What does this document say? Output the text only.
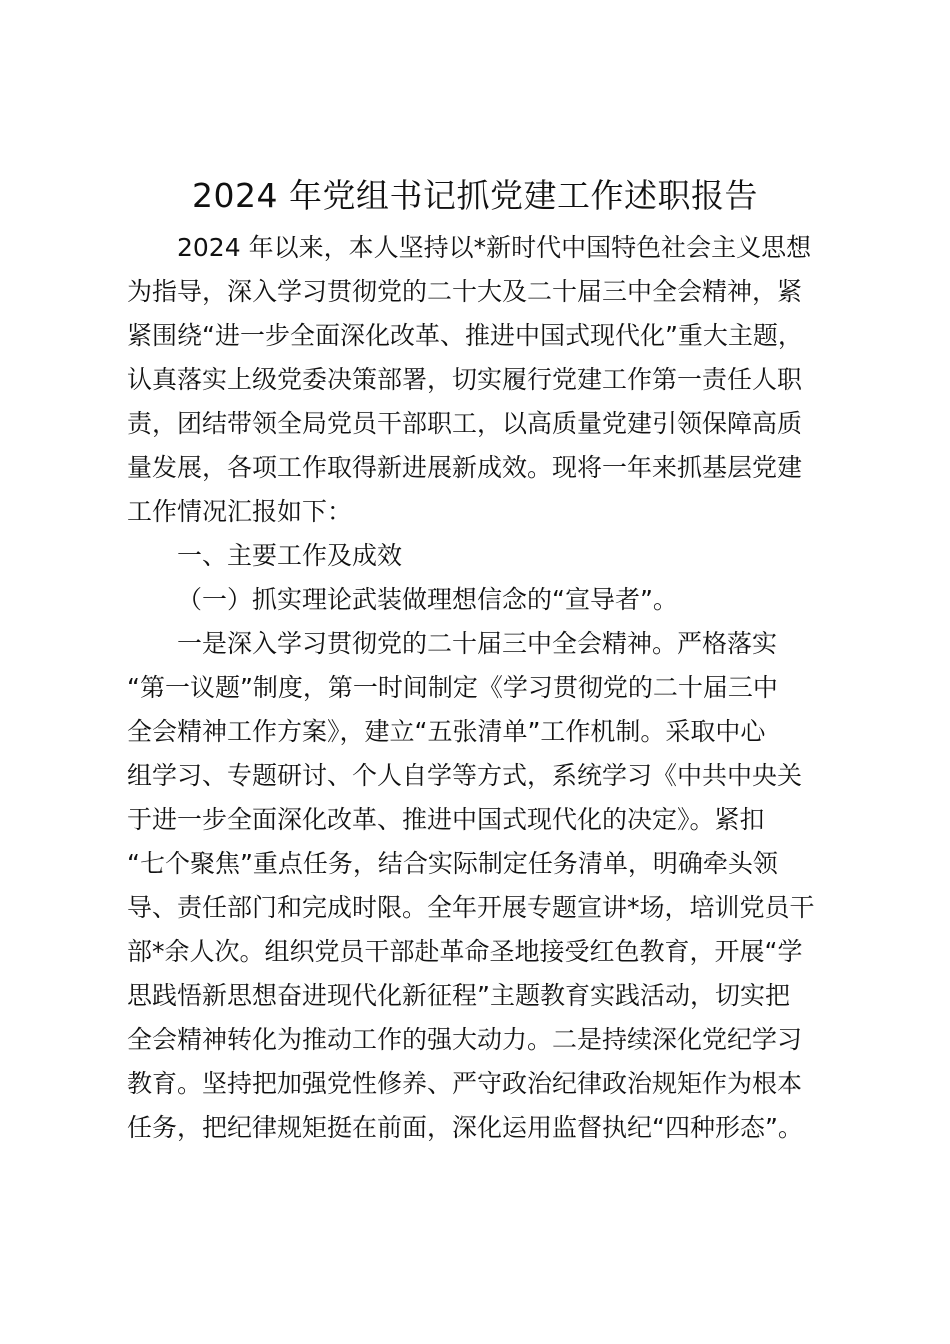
2024 年党组书记抓党建工作述职报告
2024 年以来，本人坚持以*新时代中国特色社会主义思想
为指导，深入学习贯彻党的二十大及二十届三中全会精神，紧
紧围绕“进一步全面深化改革、推进中国式现代化”重大主题，
认真落实上级党委决策部署，切实履行党建工作第一责任人职
责，团结带领全局党员干部职工，以高质量党建引领保障高质
量发展，各项工作取得新进展新成效。现将一年来抓基层党建
工作情况汇报如下：
一、主要工作及成效
（一）抓实理论武装做理想信念的“宣导者”。
一是深入学习贯彻党的二十届三中全会精神。严格落实
“第一议题”制度，第一时间制定《学习贯彻党的二十届三中
全会精神工作方案》，建立“五张清单”工作机制。采取中心
组学习、专题研讨、个人自学等方式，系统学习《中共中央关
于进一步全面深化改革、推进中国式现代化的决定》。紧扣
“七个聚焦”重点任务，结合实际制定任务清单，明确牵头领
导、责任部门和完成时限。全年开展专题宣讲*场，培训党员干
部*余人次。组织党员干部赴革命圣地接受红色教育，开展“学
思践悟新思想奋进现代化新征程”主题教育实践活动，切实把
全会精神转化为推动工作的强大动力。二是持续深化党纪学习
教育。坚持把加强党性修养、严守政治纪律政治规矩作为根本
任务，把纪律规矩挺在前面，深化运用监督执纪“四种形态”。
